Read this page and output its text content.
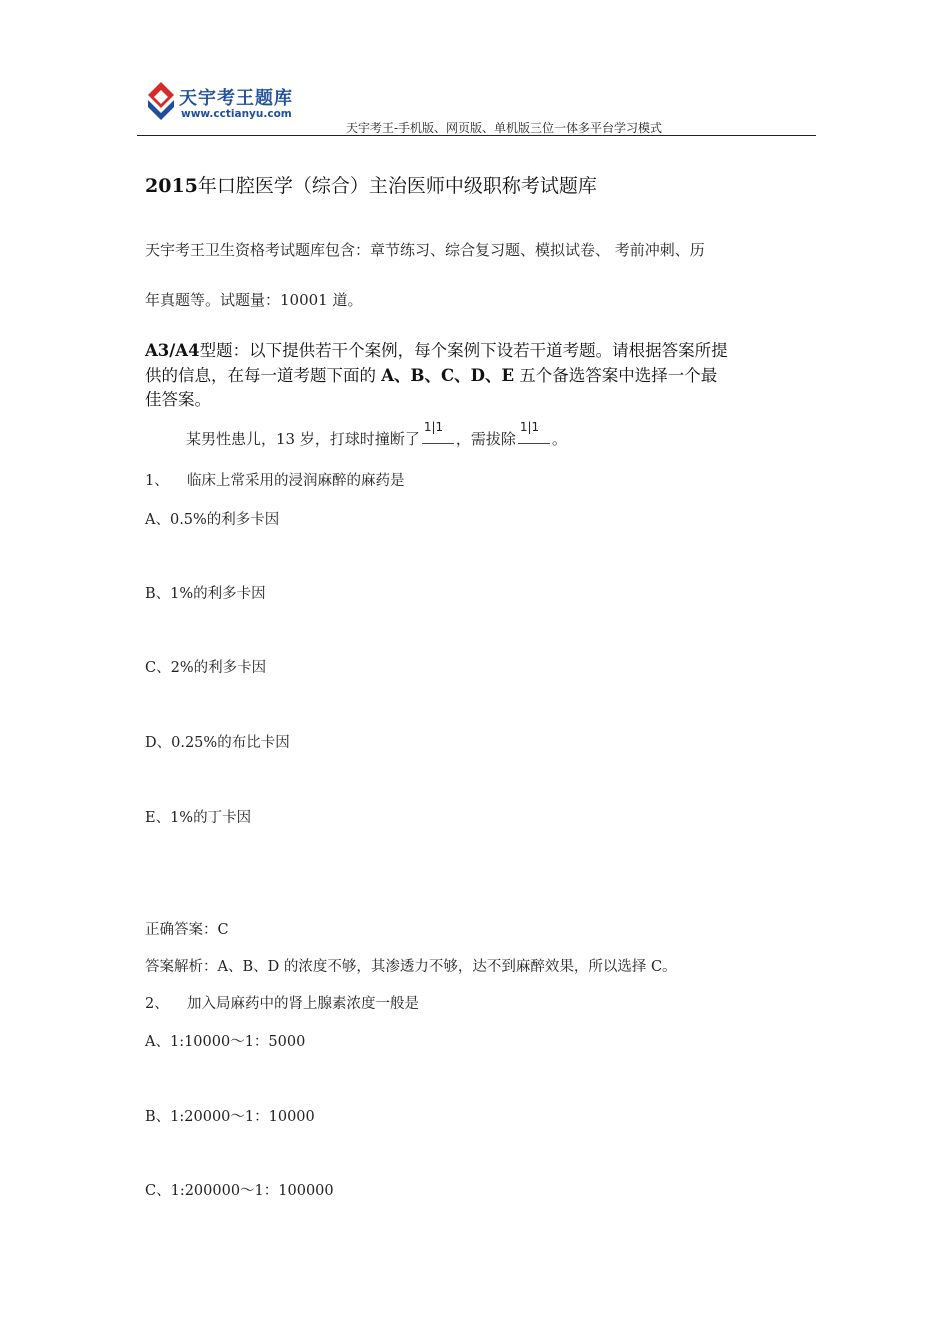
天宇考王题库
www.cctianyu.com
天宇考王-手机版、网页版、单机版三位一体多平台学习模式
2015年口腔医学（综合）主治医师中级职称考试题库
天宇考王卫生资格考试题库包含：章节练习、综合复习题、模拟试卷、 考前冲刺、历
年真题等。试题量：10001 道。
A3/A4型题：以下提供若干个案例，每个案例下设若干道考题。请根据答案所提
供的信息，在每一道考题下面的 A、B、C、D、E 五个备选答案中选择一个最
佳答案。
某男性患儿，13 岁，打球时撞断了
1|1
，需拔除
1|1
。
1、 临床上常采用的浸润麻醉的麻药是
A、0.5%的利多卡因
B、1%的利多卡因
C、2%的利多卡因
D、0.25%的布比卡因
E、1%的丁卡因
正确答案：C
答案解析：A、B、D 的浓度不够，其渗透力不够，达不到麻醉效果，所以选择 C。
2、 加入局麻药中的肾上腺素浓度一般是
A、1:10000～1：5000
B、1:20000～1：10000
C、1:200000～1：100000
